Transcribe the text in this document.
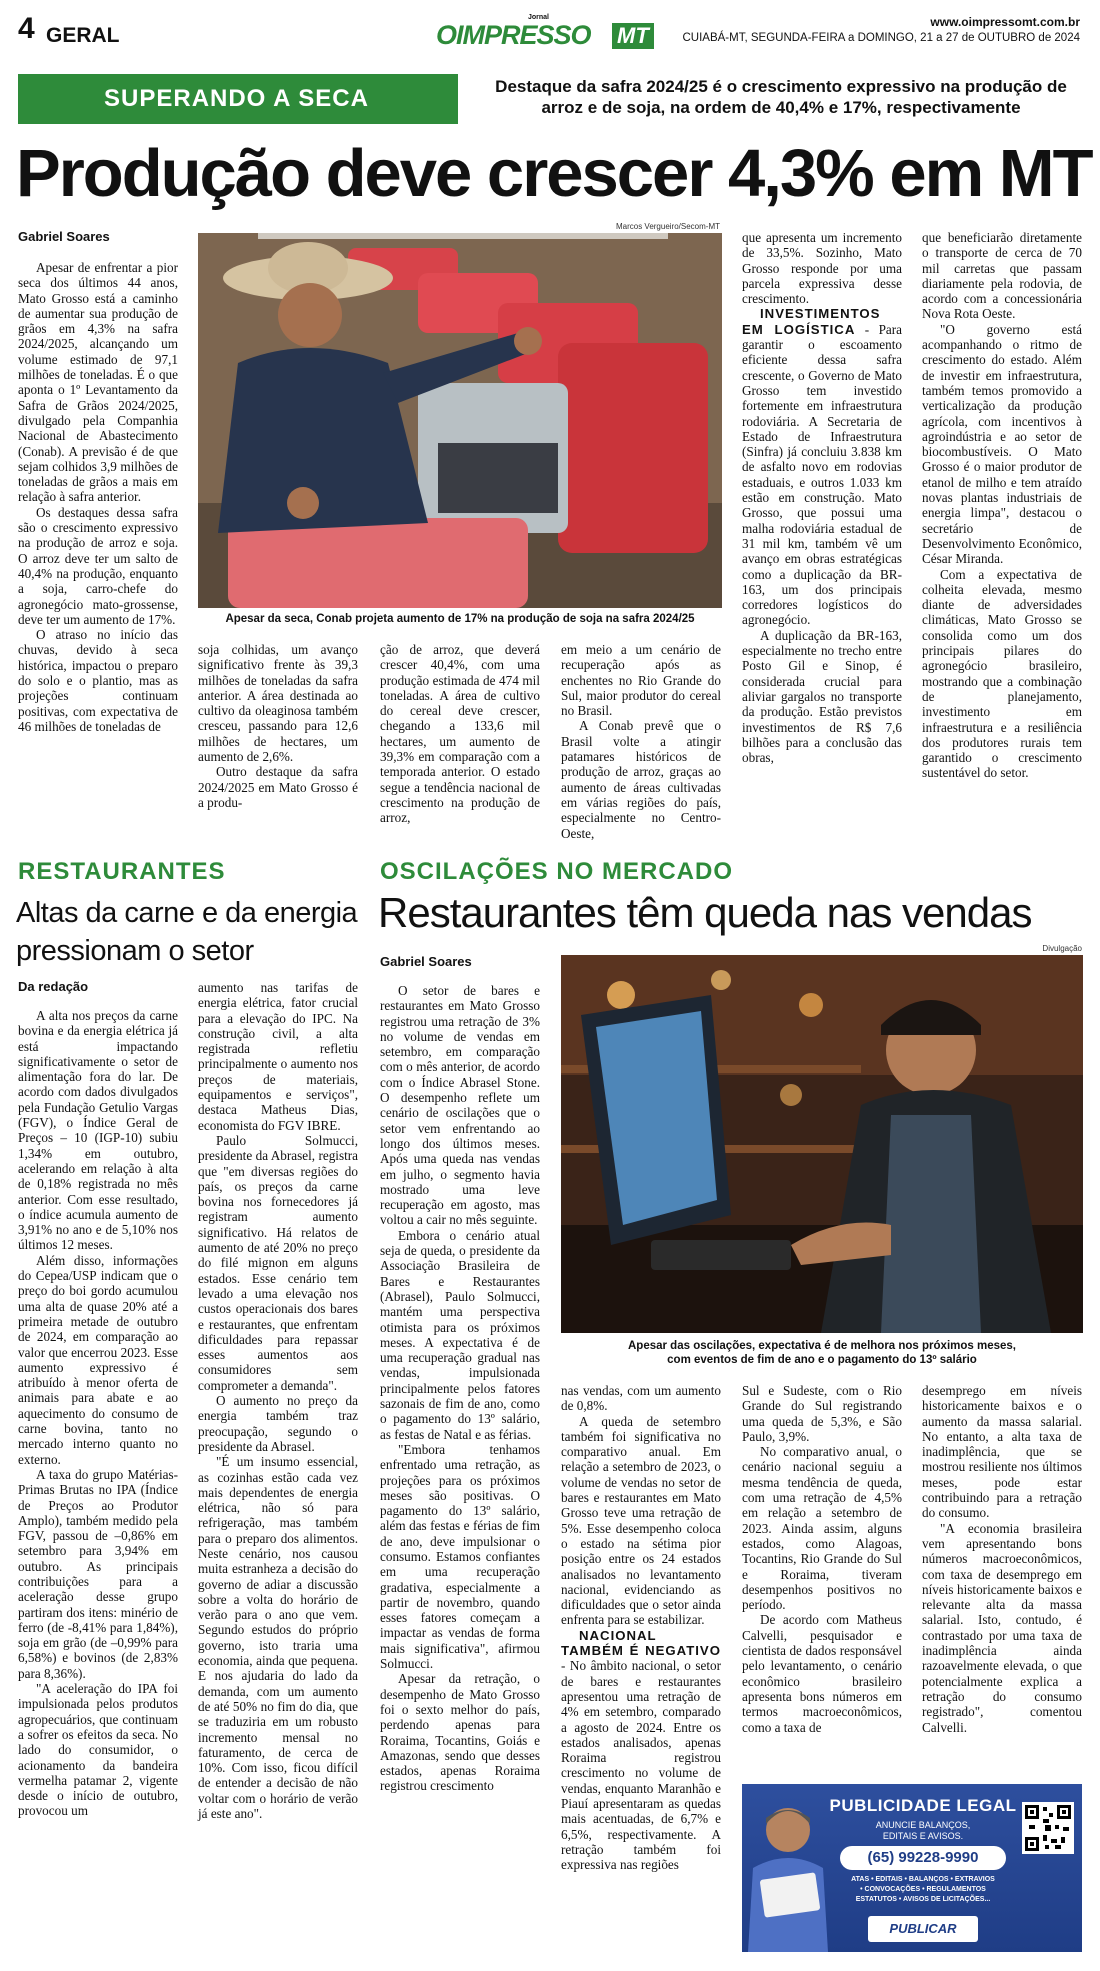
4 GERAL
Jornal
OIMPRESSO MT
www.oimpressomt.com.br
CUIABÁ-MT, SEGUNDA-FEIRA a DOMINGO, 21 a 27 de OUTUBRO de 2024
SUPERANDO A SECA	Destaque da safra 2024/25 é o crescimento expressivo na produção de arroz e de soja, na ordem de 40,4% e 17%, respectivamente
Produção deve crescer 4,3% em MT
Gabriel Soares
Marcos Vergueiro/Secom-MT
Apesar da seca, Conab projeta aumento de 17% na produção de soja na safra 2024/25

Apesar de enfrentar a pior seca dos últimos 44 anos, Mato Grosso está a caminho de aumentar sua produção de grãos em 4,3% na safra 2024/2025, alcançando um volume estimado de 97,1 milhões de toneladas. É o que aponta o 1º Levantamento da Safra de Grãos 2024/2025, divulgado pela Companhia Nacional de Abastecimento (Conab). A previsão é de que sejam colhidos 3,9 milhões de toneladas de grãos a mais em relação à safra anterior.

Os destaques dessa safra são o crescimento expressivo na produção de arroz e soja. O arroz deve ter um salto de 40,4% na produção, enquanto a soja, carro-chefe do agronegócio mato-grossense, deve ter um aumento de 17%.

O atraso no início das chuvas, devido à seca histórica, impactou o preparo do solo e o plantio, mas as projeções continuam positivas, com expectativa de 46 milhões de toneladas de

soja colhidas, um avanço significativo frente às 39,3 milhões de toneladas da safra anterior. A área destinada ao cultivo da oleaginosa também cresceu, passando para 12,6 milhões de hectares, um aumento de 2,6%.

Outro destaque da safra 2024/2025 em Mato Grosso é a produ-

ção de arroz, que deverá crescer 40,4%, com uma produção estimada de 474 mil toneladas. A área de cultivo do cereal deve crescer, chegando a 133,6 mil hectares, um aumento de 39,3% em comparação com a temporada anterior. O estado segue a tendência nacional de crescimento na produção de arroz,

em meio a um cenário de recuperação após as enchentes no Rio Grande do Sul, maior produtor do cereal no Brasil.

A Conab prevê que o Brasil volte a atingir patamares históricos de produção de arroz, graças ao aumento de áreas cultivadas em várias regiões do país, especialmente no Centro-Oeste,

que apresenta um incremento de 33,5%. Sozinho, Mato Grosso responde por uma parcela expressiva desse crescimento.

INVESTIMENTOS EM LOGÍSTICA - Para garantir o escoamento eficiente dessa safra crescente, o Governo de Mato Grosso tem investido fortemente em infraestrutura rodoviária. A Secretaria de Estado de Infraestrutura (Sinfra) já concluiu 3.838 km de asfalto novo em rodovias estaduais, e outros 1.033 km estão em construção. Mato Grosso, que possui uma malha rodoviária estadual de 31 mil km, também vê um avanço em obras estratégicas como a duplicação da BR-163, um dos principais corredores logísticos do agronegócio.

A duplicação da BR-163, especialmente no trecho entre Posto Gil e Sinop, é considerada crucial para aliviar gargalos no transporte da produção. Estão previstos investimentos de R$ 7,6 bilhões para a conclusão das obras,

que beneficiarão diretamente o transporte de cerca de 70 mil carretas que passam diariamente pela rodovia, de acordo com a concessionária Nova Rota Oeste.

"O governo está acompanhando o ritmo de crescimento do estado. Além de investir em infraestrutura, também temos promovido a verticalização da produção agrícola, com incentivos à agroindústria e ao setor de biocombustíveis. O Mato Grosso é o maior produtor de etanol de milho e tem atraído novas plantas industriais de energia limpa", destacou o secretário de Desenvolvimento Econômico, César Miranda.

Com a expectativa de colheita elevada, mesmo diante de adversidades climáticas, Mato Grosso se consolida como um dos principais pilares do agronegócio brasileiro, mostrando que a combinação de planejamento, investimento em infraestrutura e a resiliência dos produtores rurais tem garantido o crescimento sustentável do setor.

RESTAURANTES
Altas da carne e da energia pressionam o setor
Da redação

A alta nos preços da carne bovina e da energia elétrica já está impactando significativamente o setor de alimentação fora do lar. De acordo com dados divulgados pela Fundação Getulio Vargas (FGV), o Índice Geral de Preços – 10 (IGP-10) subiu 1,34% em outubro, acelerando em relação à alta de 0,18% registrada no mês anterior. Com esse resultado, o índice acumula aumento de 3,91% no ano e de 5,10% nos últimos 12 meses.

Além disso, informações do Cepea/USP indicam que o preço do boi gordo acumulou uma alta de quase 20% até a primeira metade de outubro de 2024, em comparação ao valor que encerrou 2023. Esse aumento expressivo é atribuído à menor oferta de animais para abate e ao aquecimento do consumo de carne bovina, tanto no mercado interno quanto no externo.

A taxa do grupo Matérias-Primas Brutas no IPA (Índice de Preços ao Produtor Amplo), também medido pela FGV, passou de –0,86% em setembro para 3,94% em outubro. As principais contribuições para a aceleração desse grupo partiram dos itens: minério de ferro (de -8,41% para 1,84%), soja em grão (de –0,99% para 6,58%) e bovinos (de 2,83% para 8,36%).

"A aceleração do IPA foi impulsionada pelos produtos agropecuários, que continuam a sofrer os efeitos da seca. No lado do consumidor, o acionamento da bandeira vermelha patamar 2, vigente desde o início de outubro, provocou um

aumento nas tarifas de energia elétrica, fator crucial para a elevação do IPC. Na construção civil, a alta registrada refletiu principalmente o aumento nos preços de materiais, equipamentos e serviços", destaca Matheus Dias, economista do FGV IBRE.

Paulo Solmucci, presidente da Abrasel, registra que "em diversas regiões do país, os preços da carne bovina nos fornecedores já registram aumento significativo. Há relatos de aumento de até 20% no preço do filé mignon em alguns estados. Esse cenário tem levado a uma elevação nos custos operacionais dos bares e restaurantes, que enfrentam dificuldades para repassar esses aumentos aos consumidores sem comprometer a demanda".

O aumento no preço da energia também traz preocupação, segundo o presidente da Abrasel.

"É um insumo essencial, as cozinhas estão cada vez mais dependentes de energia elétrica, não só para refrigeração, mas também para o preparo dos alimentos. Neste cenário, nos causou muita estranheza a decisão do governo de adiar a discussão sobre a volta do horário de verão para o ano que vem. Segundo estudos do próprio governo, isto traria uma economia, ainda que pequena. E nos ajudaria do lado da demanda, com um aumento de até 50% no fim do dia, que se traduziria em um robusto incremento mensal no faturamento, de cerca de 10%. Com isso, ficou difícil de entender a decisão de não voltar com o horário de verão já este ano".

OSCILAÇÕES NO MERCADO
Restaurantes têm queda nas vendas
Gabriel Soares
Divulgação
Apesar das oscilações, expectativa é de melhora nos próximos meses,
com eventos de fim de ano e o pagamento do 13º salário

O setor de bares e restaurantes em Mato Grosso registrou uma retração de 3% no volume de vendas em setembro, em comparação com o mês anterior, de acordo com o Índice Abrasel Stone. O desempenho reflete um cenário de oscilações que o setor vem enfrentando ao longo dos últimos meses. Após uma queda nas vendas em julho, o segmento havia mostrado uma leve recuperação em agosto, mas voltou a cair no mês seguinte.

Embora o cenário atual seja de queda, o presidente da Associação Brasileira de Bares e Restaurantes (Abrasel), Paulo Solmucci, mantém uma perspectiva otimista para os próximos meses. A expectativa é de uma recuperação gradual nas vendas, impulsionada principalmente pelos fatores sazonais de fim de ano, como o pagamento do 13º salário, as festas de Natal e as férias.

"Embora tenhamos enfrentado uma retração, as projeções para os próximos meses são positivas. O pagamento do 13º salário, além das festas e férias de fim de ano, deve impulsionar o consumo. Estamos confiantes em uma recuperação gradativa, especialmente a partir de novembro, quando esses fatores começam a impactar as vendas de forma mais significativa", afirmou Solmucci.

Apesar da retração, o desempenho de Mato Grosso foi o sexto melhor do país, perdendo apenas para Roraima, Tocantins, Goiás e Amazonas, sendo que desses estados, apenas Roraima registrou crescimento

nas vendas, com um aumento de 0,8%.

A queda de setembro também foi significativa no comparativo anual. Em relação a setembro de 2023, o volume de vendas no setor de bares e restaurantes em Mato Grosso teve uma retração de 5%. Esse desempenho coloca o estado na sétima pior posição entre os 24 estados analisados no levantamento nacional, evidenciando as dificuldades que o setor ainda enfrenta para se estabilizar.

NACIONAL TAMBÉM É NEGATIVO - No âmbito nacional, o setor de bares e restaurantes apresentou uma retração de 4% em setembro, comparado a agosto de 2024. Entre os estados analisados, apenas Roraima registrou crescimento no volume de vendas, enquanto Maranhão e Piauí apresentaram as quedas mais acentuadas, de 6,7% e 6,5%, respectivamente. A retração também foi expressiva nas regiões

Sul e Sudeste, com o Rio Grande do Sul registrando uma queda de 5,3%, e São Paulo, 3,9%.

No comparativo anual, o cenário nacional seguiu a mesma tendência de queda, com uma retração de 4,5% em relação a setembro de 2023. Ainda assim, alguns estados, como Alagoas, Tocantins, Rio Grande do Sul e Roraima, tiveram desempenhos positivos no período.

De acordo com Matheus Calvelli, pesquisador e cientista de dados responsável pelo levantamento, o cenário econômico brasileiro apresenta bons números em termos macroeconômicos, como a taxa de

desemprego em níveis historicamente baixos e o aumento da massa salarial. No entanto, a alta taxa de inadimplência, que se mostrou resiliente nos últimos meses, pode estar contribuindo para a retração do consumo.

"A economia brasileira vem apresentando bons números macroeconômicos, com taxa de desemprego em níveis historicamente baixos e relevante alta da massa salarial. Isto, contudo, é contrastado por uma taxa de inadimplência ainda razoavelmente elevada, o que potencialmente explica a retração do consumo registrado", comentou Calvelli.

PUBLICIDADE LEGAL
ANUNCIE BALANÇOS,
EDITAIS E AVISOS.
(65) 99228-9990
ATAS • EDITAIS • BALANÇOS • EXTRAVIOS
• CONVOCAÇÕES • REGULAMENTOS
ESTATUTOS • AVISOS DE LICITAÇÕES...
PUBLICAR
